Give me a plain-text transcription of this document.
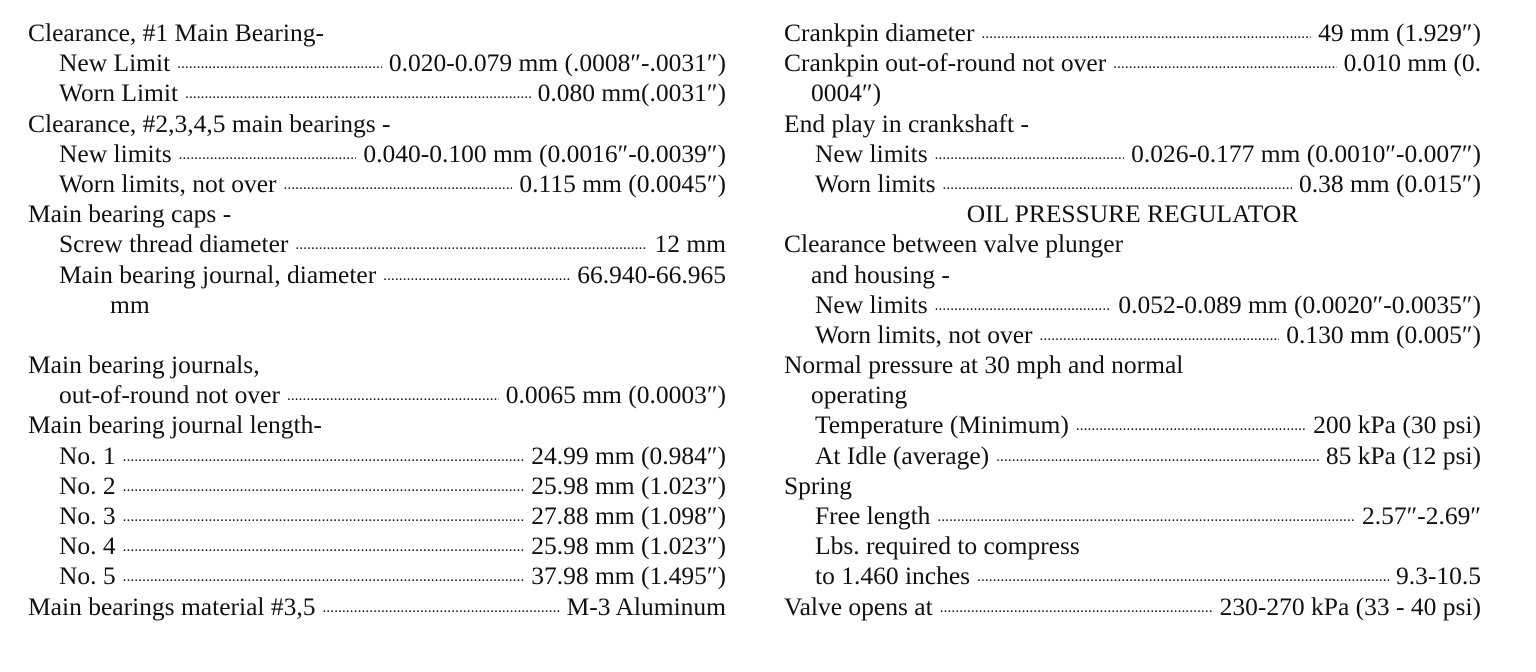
Clearance, #1 Main Bearing-
New Limit . . .	0.020-0.079 mm (.0008″-.0031″)
Worn Limit . . .	0.080 mm(.0031″)
Clearance, #2,3,4,5 main bearings -
New limits . . .	0.040-0.100 mm (0.0016″-0.0039″)
Worn limits, not over . . .	0.115 mm (0.0045″)
Main bearing caps -
Screw thread diameter . . .	12 mm
Main bearing journal, diameter . . .	66.940-66.965
mm
Main bearing journals,
out-of-round not over . . .	0.0065 mm (0.0003″)
Main bearing journal length-
No. 1 . . .	24.99 mm (0.984″)
No. 2 . . .	25.98 mm (1.023″)
No. 3 . . .	27.88 mm (1.098″)
No. 4 . . .	25.98 mm (1.023″)
No. 5 . . .	37.98 mm (1.495″)
Main bearings material #3,5 . . .	M-3 Aluminum
Crankpin diameter . . .	49 mm (1.929″)
Crankpin out-of-round not over . . .	0.010 mm (0.
0004″)
End play in crankshaft -
New limits . . .	0.026-0.177 mm (0.0010″-0.007″)
Worn limits . . .	0.38 mm (0.015″)
OIL PRESSURE REGULATOR
Clearance between valve plunger
and housing -
New limits . . .	0.052-0.089 mm (0.0020″-0.0035″)
Worn limits, not over . . .	0.130 mm (0.005″)
Normal pressure at 30 mph and normal
operating
Temperature (Minimum) . . .	200 kPa (30 psi)
At Idle (average) . . .	85 kPa (12 psi)
Spring
Free length . . .	2.57″-2.69″
Lbs. required to compress
to 1.460 inches . . .	9.3-10.5
Valve opens at . . .	230-270 kPa (33 - 40 psi)
